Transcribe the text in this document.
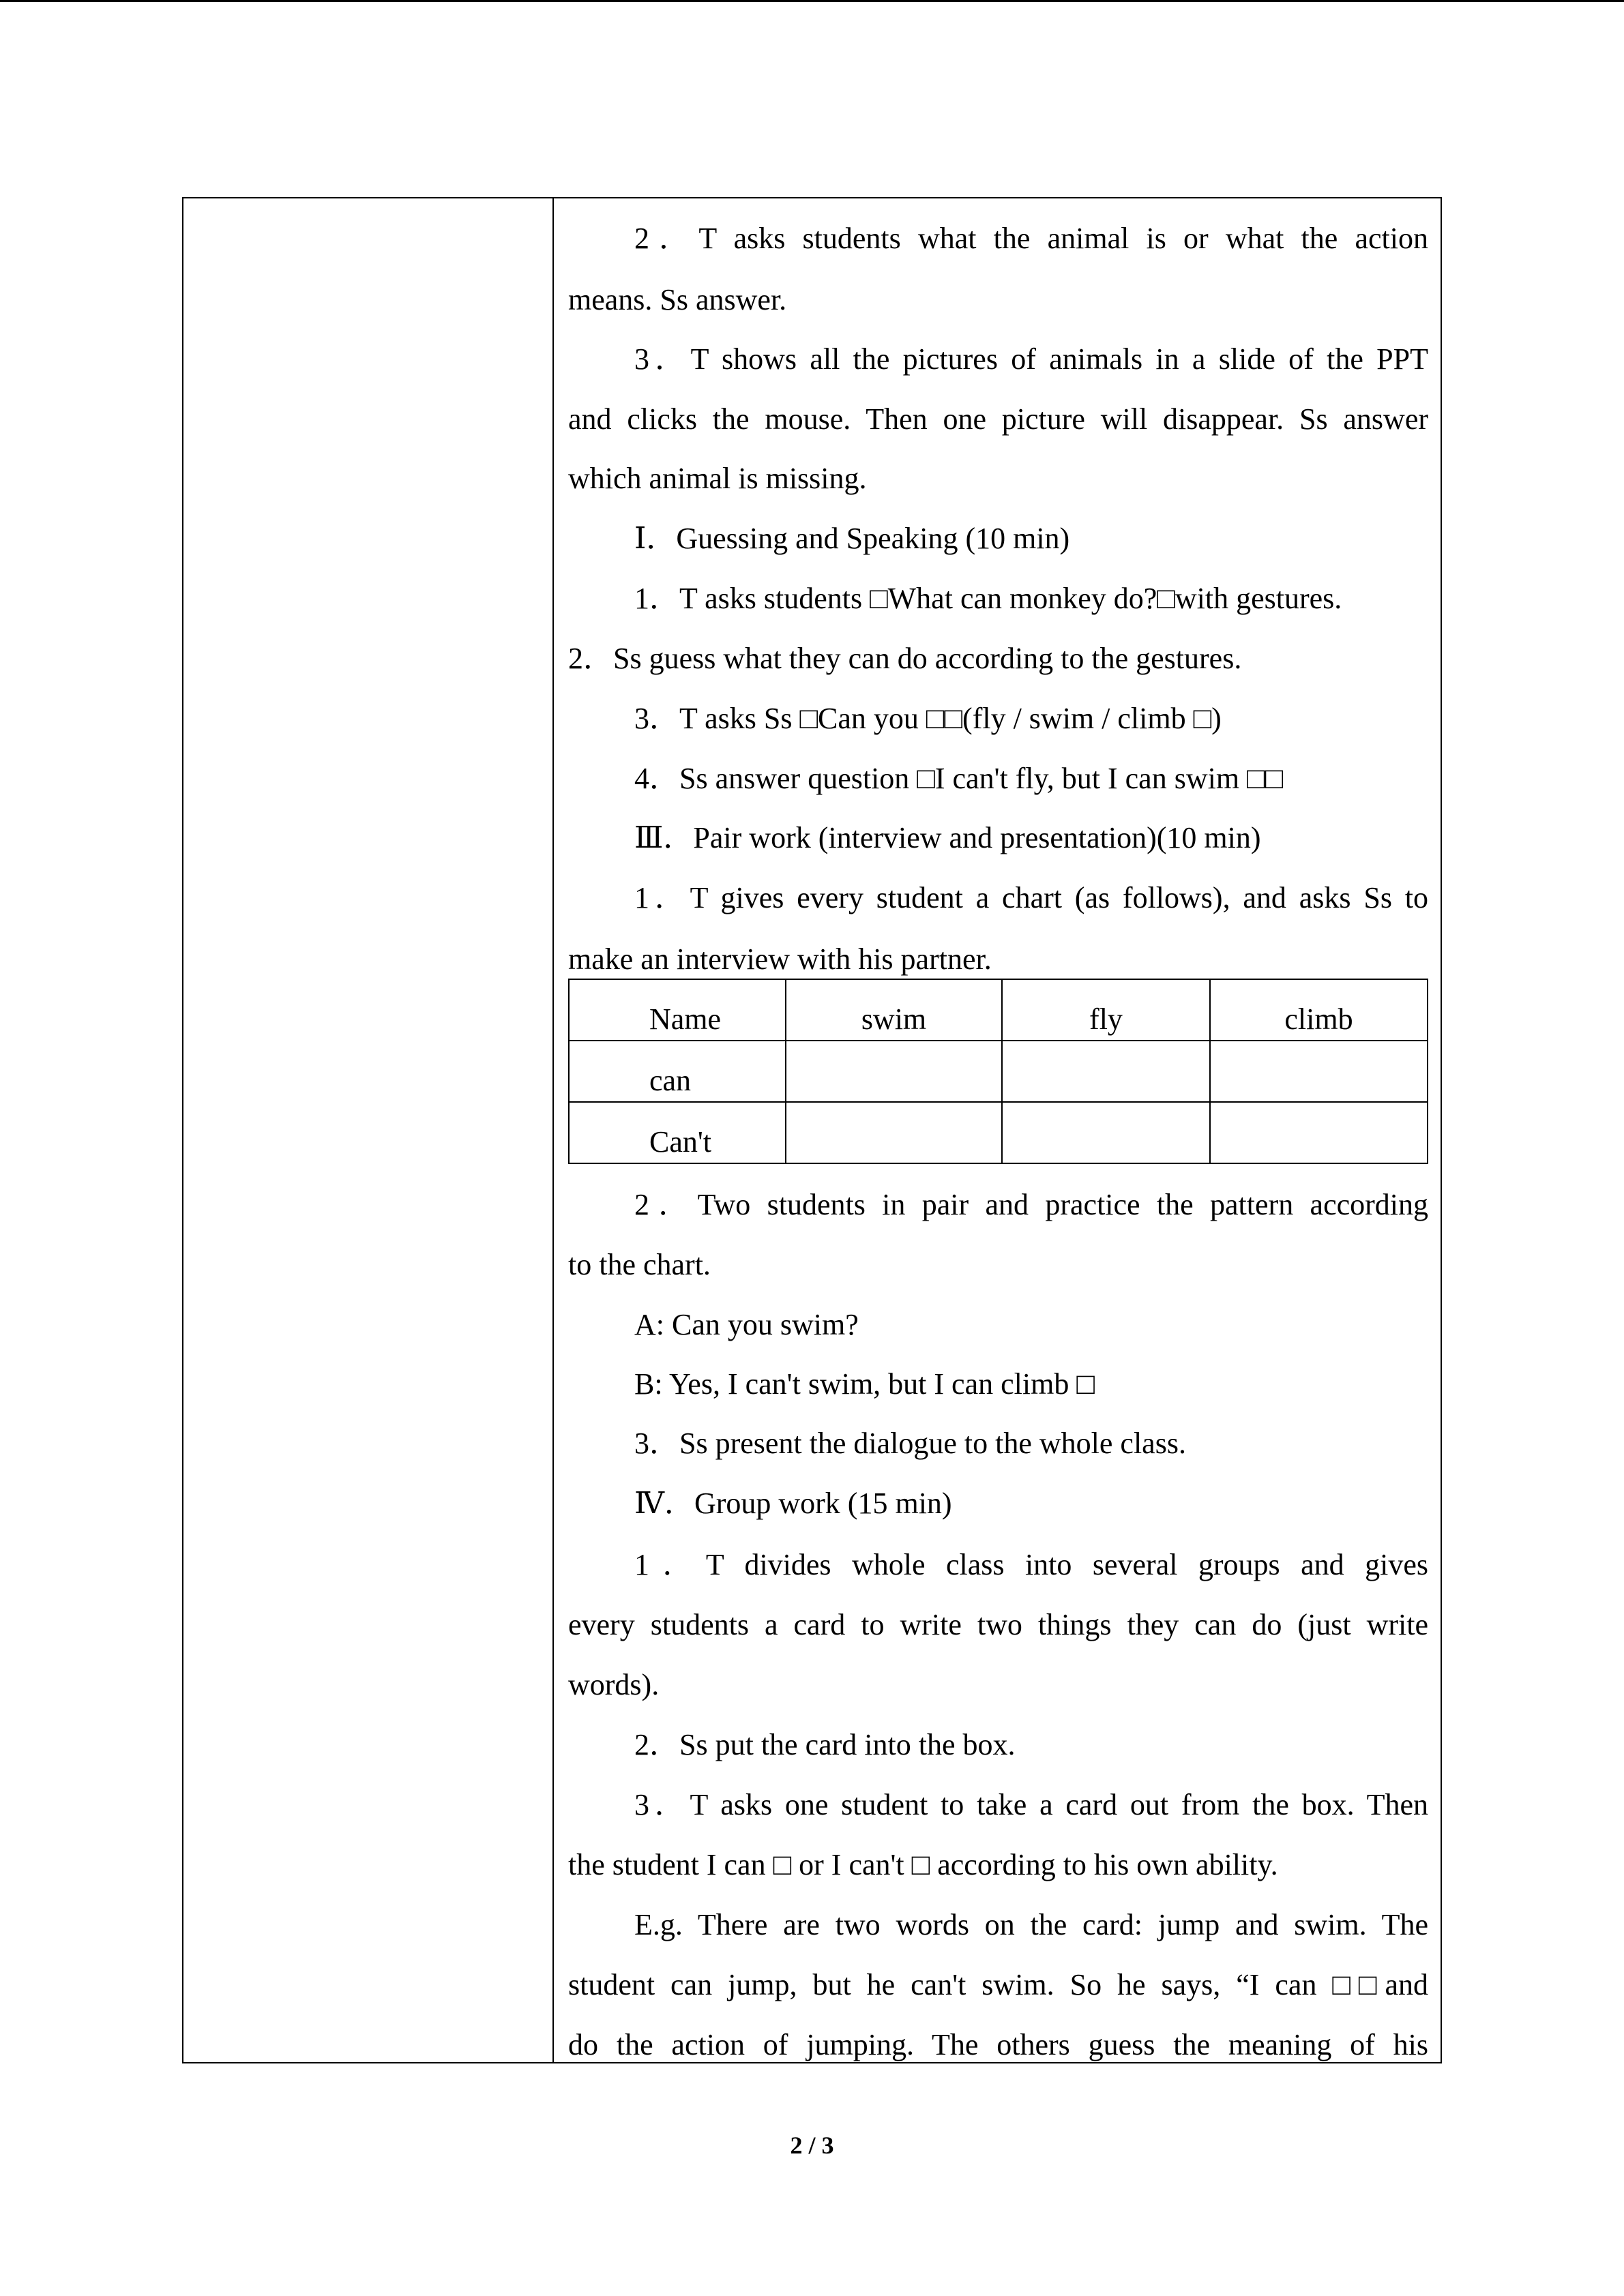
2．T asks students what the animal is or what the action
means. Ss answer.
3．T shows all the pictures of animals in a slide of the PPT
and clicks the mouse. Then one picture will disappear. Ss answer
which animal is missing.
Ⅰ．Guessing and Speaking (10 min)
1．T asks students □What can monkey do?□with gestures.
2．Ss guess what they can do according to the gestures.
3．T asks Ss □Can you □□(fly / swim / climb □)
4．Ss answer question □I can't fly, but I can swim □□
Ⅲ．Pair work (interview and presentation)(10 min)
1．T gives every student a chart (as follows), and asks Ss to
make an interview with his partner.
2．Two students in pair and practice the pattern according
to the chart.
A: Can you swim?
B: Yes, I can't swim, but I can climb □
3．Ss present the dialogue to the whole class.
Ⅳ．Group work (15 min)
1．T divides whole class into several groups and gives
every students a card to write two things they can do (just write
words).
2．Ss put the card into the box.
3．T asks one student to take a card out from the box. Then
the student I can □ or I can't □ according to his own ability.
E.g. There are two words on the card: jump and swim. The
student can jump, but he can't swim. So he says, “I can □□and
do the action of jumping. The others guess the meaning of his
Name	swim	fly	climb
can			
Can't			
2 / 3
